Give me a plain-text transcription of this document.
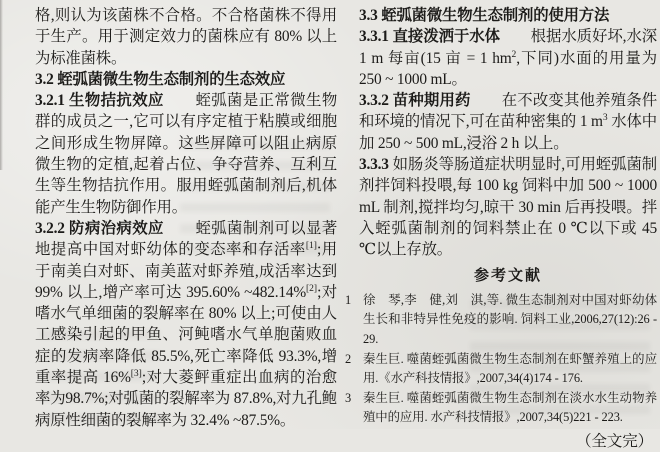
格,则认为该菌株不合格。不合格菌株不得用于生产。用于测定效力的菌株应有 80% 以上为标准菌株。

3.2 蛭弧菌微生物生态制剂的生态效应

3.2.1 生物拮抗效应　　 蛭弧菌是正常微生物群的成员之一,它可以有序定植于粘膜或细胞之间形成生物屏障。这些屏障可以阻止病原微生物的定植,起着占位、争夺营养、互利互生等生物拮抗作用。服用蛭弧菌制剂后,机体能产生生物防御作用。

3.2.2 防病治病效应　　 蛭弧菌制剂可以显著地提高中国对虾幼体的变态率和存活率[1];用于南美白对虾、南美蓝对虾养殖,成活率达到 99% 以上,增产率可达 395.60% ~482.14%[2];对嗜水气单细菌的裂解率在 80% 以上;可使由人工感染引起的甲鱼、河鲀嗜水气单胞菌败血症的发病率降低 85.5%,死亡率降低 93.3%,增重率提高 16%[3];对大菱鲆重症出血病的治愈率为98.7%;对弧菌的裂解率为 87.8%,对九孔鲍病原性细菌的裂解率为 32.4% ~87.5%。

3.3 蛭弧菌微生物生态制剂的使用方法

3.3.1 直接泼洒于水体　　 根据水质好坏,水深 1 m 每亩(15 亩 = 1 $hm^2$,下同)水面的用量为 250 ~ 1000 mL。

3.3.2 苗种期用药　　 在不改变其他养殖条件和环境的情况下,可在苗种密集的 1 $m^3$ 水体中加 250 ~ 500 mL,浸浴 2 h 以上。

3.3.3 如肠炎等肠道症状明显时,可用蛭弧菌制剂拌饲料投喂,每 100 kg 饲料中加 500 ~ 1000 mL 制剂,搅拌均匀,晾干 30 min 后再投喂。拌入蛭弧菌制剂的饲料禁止在 0 ℃以下或 45 ℃以上存放。

参考文献

1 徐　琴,李　健,刘　淇,等. 微生态制剂对中国对虾幼体生长和非特异性免疫的影响. 饲料工业,2006,27(12):26 - 29.
2 秦生巨. 噬菌蛭弧菌微生物生态制剂在虾蟹养殖上的应用.《水产科技情报》,2007,34(4)174 - 176.
3 秦生巨. 噬菌蛭弧菌微生物生态制剂在淡水水生动物养殖中的应用. 水产科技情报》,2007,34(5)221 - 223.

（全文完）
